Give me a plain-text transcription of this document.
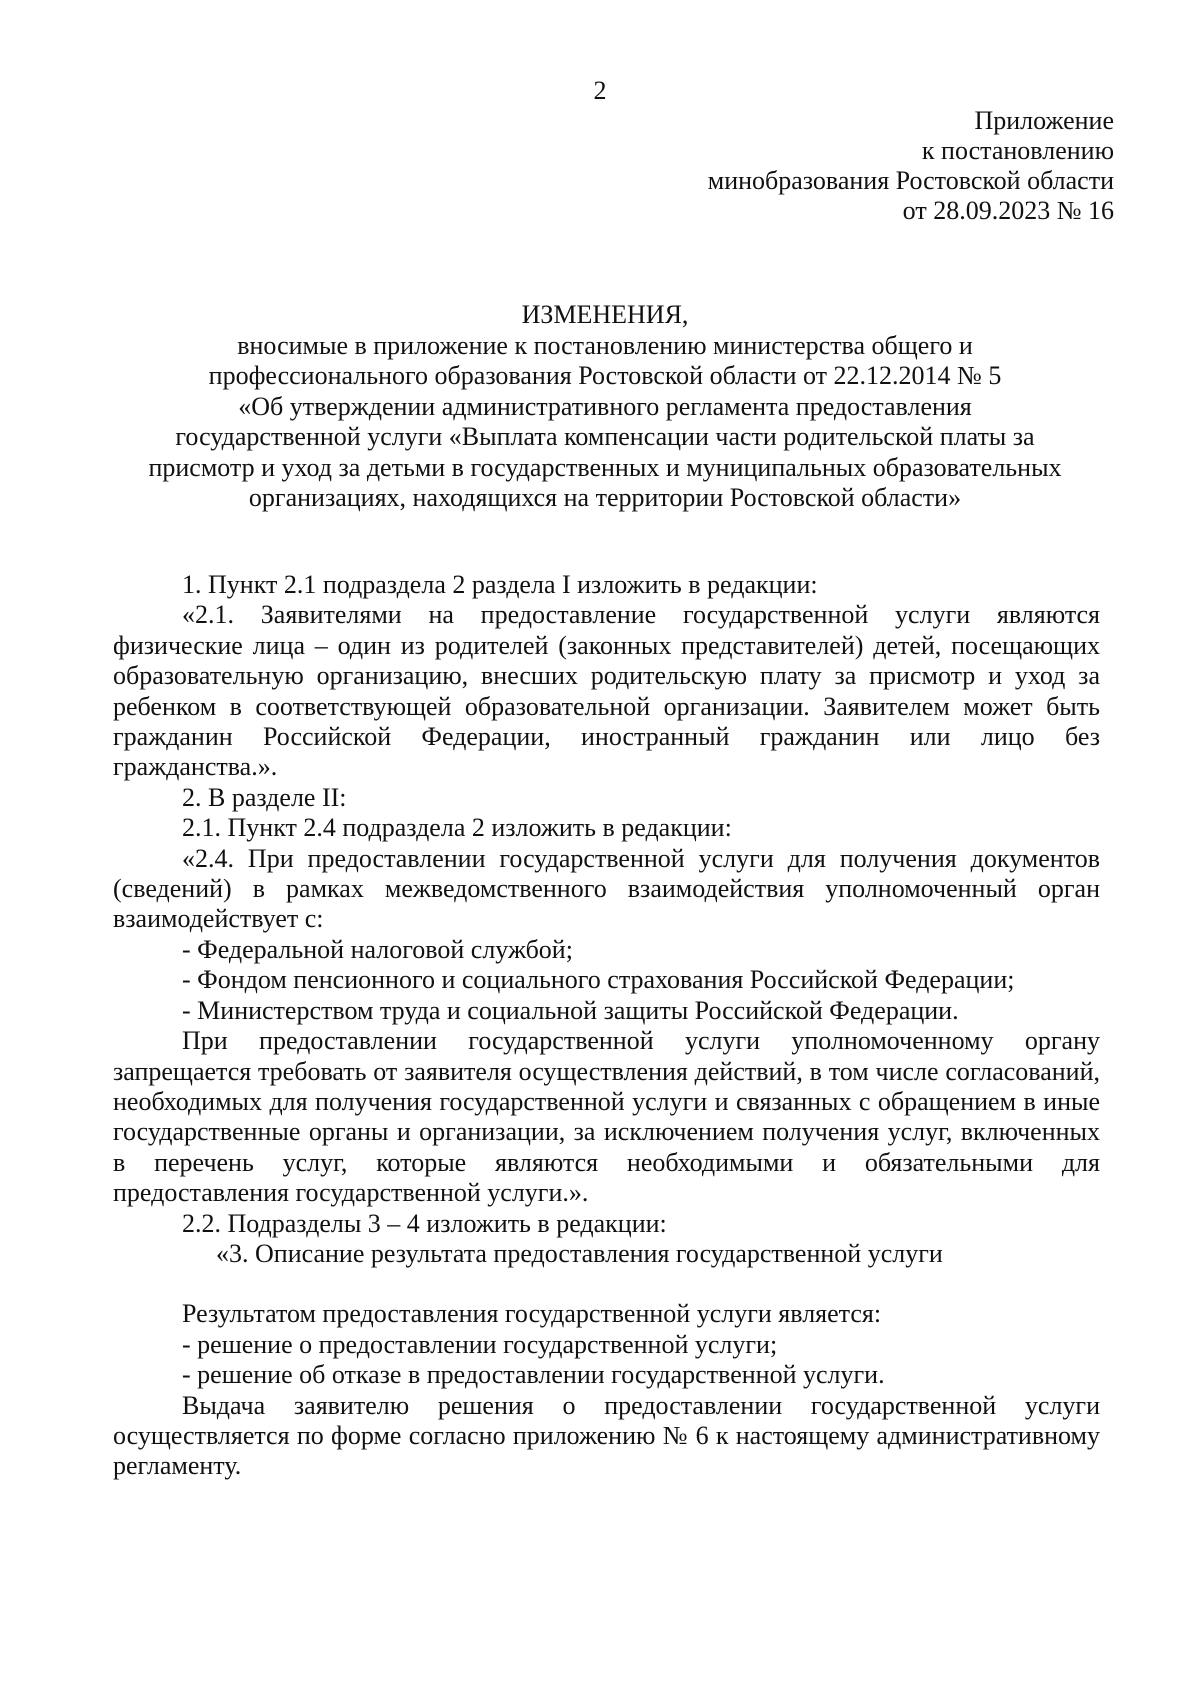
2
Приложение
к постановлению
минобразования Ростовской области
от 28.09.2023 № 16
ИЗМЕНЕНИЯ,
вносимые в приложение к постановлению министерства общего и
профессионального образования Ростовской области от 22.12.2014 № 5
«Об утверждении административного регламента предоставления
государственной услуги «Выплата компенсации части родительской платы за
присмотр и уход за детьми в государственных и муниципальных образовательных
организациях, находящихся на территории Ростовской области»

1. Пункт 2.1 подраздела 2 раздела I изложить в редакции:

«2.1. Заявителями на предоставление государственной услуги являются физические лица – один из родителей (законных представителей) детей, посещающих образовательную организацию, внесших родительскую плату за присмотр и уход за ребенком в соответствующей образовательной организации. Заявителем может быть гражданин Российской Федерации, иностранный гражданин или лицо без гражданства.».

2. В разделе II:

2.1. Пункт 2.4 подраздела 2 изложить в редакции:

«2.4. При предоставлении государственной услуги для получения документов (сведений) в рамках межведомственного взаимодействия уполномоченный орган взаимодействует с:

- Федеральной налоговой службой;

- Фондом пенсионного и социального страхования Российской Федерации;

- Министерством труда и социальной защиты Российской Федерации.

При предоставлении государственной услуги уполномоченному органу запрещается требовать от заявителя осуществления действий, в том числе согласований, необходимых для получения государственной услуги и связанных с обращением в иные государственные органы и организации, за исключением получения услуг, включенных в перечень услуг, которые являются необходимыми и обязательными для предоставления государственной услуги.».

2.2. Подразделы 3 – 4 изложить в редакции:

«3. Описание результата предоставления государственной услуги

Результатом предоставления государственной услуги является:

- решение о предоставлении государственной услуги;

- решение об отказе в предоставлении государственной услуги.

Выдача заявителю решения о предоставлении государственной услуги осуществляется по форме согласно приложению № 6 к настоящему административному регламенту.
